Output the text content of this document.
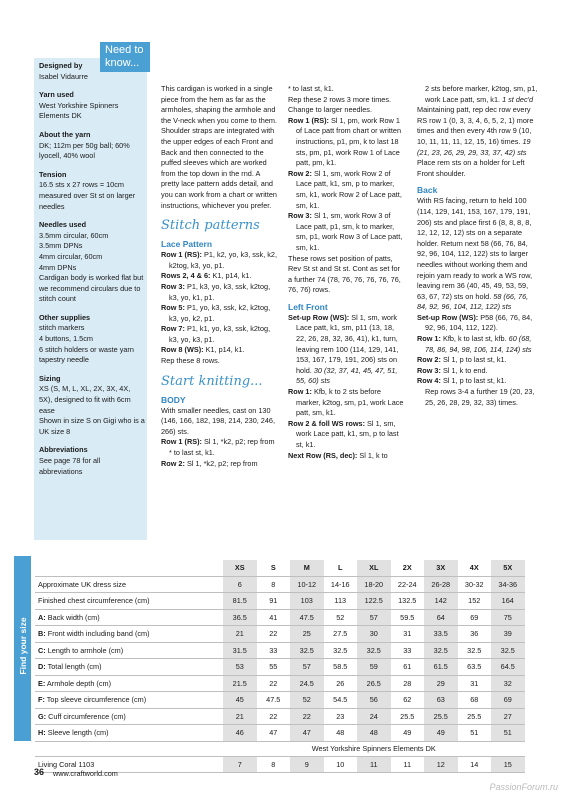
Need to know...

Designed by

Isabel Vidaurre

Yarn used

West Yorkshire Spinners Elements DK

About the yarn

DK; 112m per 50g ball; 60% lyocell, 40% wool

Tension

16.5 sts x 27 rows = 10cm measured over St st on larger needles

Needles used

3.5mm circular, 60cm

3.5mm DPNs

4mm circular, 60cm

4mm DPNs

Cardigan body is worked flat but we recommend circulars due to stitch count

Other supplies

stitch markers

4 buttons, 1.5cm

6 stitch holders or waste yarn

tapestry needle

Sizing

XS (S, M, L, XL, 2X, 3X, 4X, 5X), designed to fit with 6cm ease

Shown in size S on Gigi who is a UK size 8

Abbreviations

See page 78 for all abbreviations

This cardigan is worked in a single piece from the hem as far as the armholes, shaping the armhole and the V-neck when you come to them. Shoulder straps are integrated with the upper edges of each Front and Back and then connected to the puffed sleeves which are worked from the top down in the rnd. A pretty lace pattern adds detail, and you can work from a chart or written instructions, whichever you prefer.

Stitch patterns

Lace Pattern

Row 1 (RS): P1, k2, yo, k3, ssk, k2, k2tog, k3, yo, p1.

Rows 2, 4 & 6: K1, p14, k1.

Row 3: P1, k3, yo, k3, ssk, k2tog, k3, yo, k1, p1.

Row 5: P1, yo, k3, ssk, k2, k2tog, k3, yo, k2, p1.

Row 7: P1, k1, yo, k3, ssk, k2tog, k3, yo, k3, p1.

Row 8 (WS): K1, p14, k1.

Rep these 8 rows.

Start knitting...

BODY

With smaller needles, cast on 130 (146, 166, 182, 198, 214, 230, 246, 266) sts.

Row 1 (RS): Sl 1, *k2, p2; rep from * to last st, k1.

Row 2: Sl 1, *k2, p2; rep from

* to last st, k1.

Rep these 2 rows 3 more times.

Change to larger needles.

Row 1 (RS): Sl 1, pm, work Row 1 of Lace patt from chart or written instructions, p1, pm, k to last 18 sts, pm, p1, work Row 1 of Lace patt, pm, k1.

Row 2: Sl 1, sm, work Row 2 of Lace patt, k1, sm, p to marker, sm, k1, work Row 2 of Lace patt, sm, k1.

Row 3: Sl 1, sm, work Row 3 of Lace patt, p1, sm, k to marker, sm, p1, work Row 3 of Lace patt, sm, k1.

These rows set position of patts, Rev St st and St st. Cont as set for a further 74 (78, 76, 76, 76, 76, 76, 76, 76) rows.

Left Front

Set-up Row (WS): Sl 1, sm, work Lace patt, k1, sm, p11 (13, 18, 22, 26, 28, 32, 36, 41), k1, turn, leaving rem 100 (114, 129, 141, 153, 167, 179, 191, 206) sts on hold. 30 (32, 37, 41, 45, 47, 51, 55, 60) sts

Row 1: Kfb, k to 2 sts before marker, k2tog, sm, p1, work Lace patt, sm, k1.

Row 2 & foll WS rows: Sl 1, sm, work Lace patt, k1, sm, p to last st, k1.

Next Row (RS, dec): Sl 1, k to

2 sts before marker, k2tog, sm, p1, work Lace patt, sm, k1. 1 st dec'd

Maintaining patt, rep dec row every RS row 1 (0, 3, 3, 4, 6, 5, 2, 1) more times and then every 4th row 9 (10, 10, 11, 11, 11, 12, 15, 16) times. 19 (21, 23, 26, 29, 29, 33, 37, 42) sts

Place rem sts on a holder for Left Front shoulder.

Back

With RS facing, return to held 100 (114, 129, 141, 153, 167, 179, 191, 206) sts and place first 6 (8, 8, 8, 8, 12, 12, 12, 12) sts on a separate holder. Return next 58 (66, 76, 84, 92, 96, 104, 112, 122) sts to larger needles without working them and rejoin yarn ready to work a WS row, leaving rem 36 (40, 45, 49, 53, 59, 63, 67, 72) sts on hold. 58 (66, 76, 84, 92, 96, 104, 112, 122) sts

Set-up Row (WS): P58 (66, 76, 84, 92, 96, 104, 112, 122).

Row 1: Kfb, k to last st, kfb. 60 (68, 78, 86, 94, 98, 106, 114, 124) sts

Row 2: Sl 1, p to last st, k1.

Row 3: Sl 1, k to end.

Row 4: Sl 1, p to last st, k1.

Rep rows 3-4 a further 19 (20, 23, 25, 26, 28, 29, 32, 33) times.

Find your size
	XS	S	M	L	XL	2X	3X	4X	5X
Approximate UK dress size	6	8	10-12	14-16	18-20	22-24	26-28	30-32	34-36
Finished chest circumference (cm)	81.5	91	103	113	122.5	132.5	142	152	164
A: Back width (cm)	36.5	41	47.5	52	57	59.5	64	69	75
B: Front width including band (cm)	21	22	25	27.5	30	31	33.5	36	39
C: Length to armhole (cm)	31.5	33	32.5	32.5	32.5	33	32.5	32.5	32.5
D: Total length (cm)	53	55	57	58.5	59	61	61.5	63.5	64.5
E: Armhole depth (cm)	21.5	22	24.5	26	26.5	28	29	31	32
F: Top sleeve circumference (cm)	45	47.5	52	54.5	56	62	63	68	69
G: Cuff circumference (cm)	21	22	22	23	24	25.5	25.5	25.5	27
H: Sleeve length (cm)	46	47	47	48	48	49	49	51	51
	West Yorkshire Spinners Elements DK								
Living Coral 1103	7	8	9	10	11	11	12	14	15
36 www.craftworld.com
PassionForum.ru
